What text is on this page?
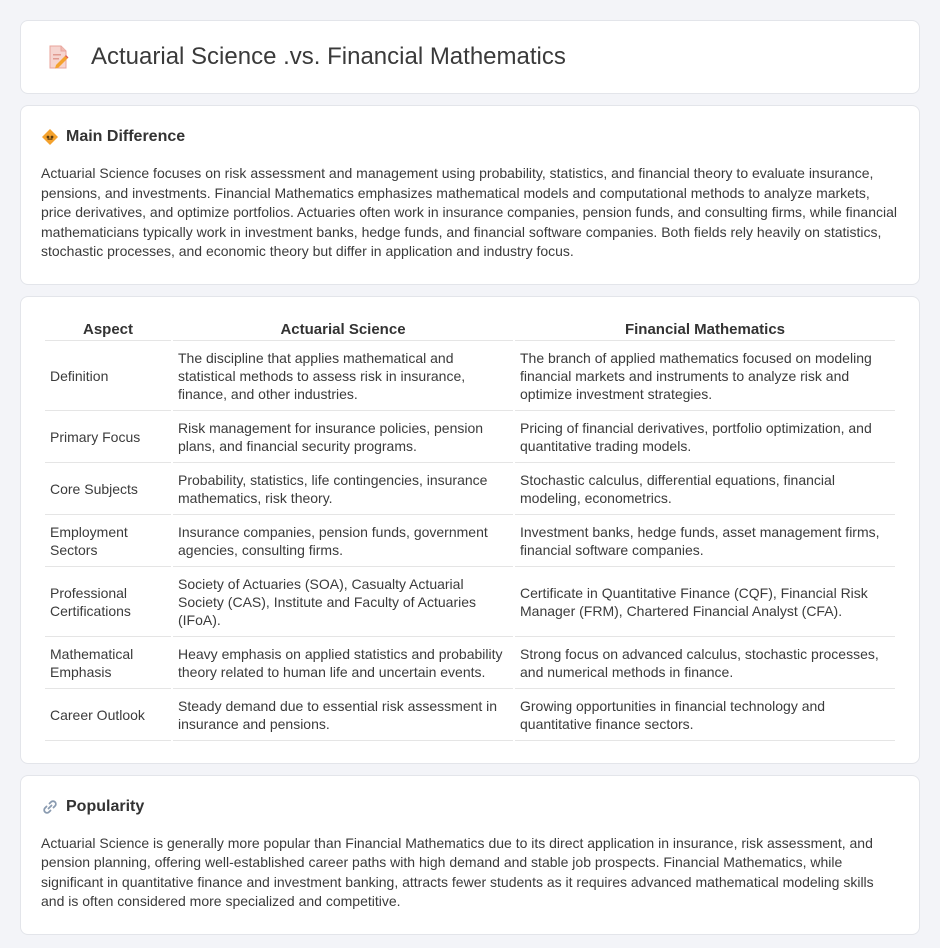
Actuarial Science .vs. Financial Mathematics
Main Difference

Actuarial Science focuses on risk assessment and management using probability, statistics, and financial theory to evaluate insurance, pensions, and investments. Financial Mathematics emphasizes mathematical models and computational methods to analyze markets, price derivatives, and optimize portfolios. Actuaries often work in insurance companies, pension funds, and consulting firms, while financial mathematicians typically work in investment banks, hedge funds, and financial software companies. Both fields rely heavily on statistics, stochastic processes, and economic theory but differ in application and industry focus.

Aspect	Actuarial Science	Financial Mathematics
Definition	The discipline that applies mathematical and statistical methods to assess risk in insurance, finance, and other industries.	The branch of applied mathematics focused on modeling financial markets and instruments to analyze risk and optimize investment strategies.
Primary Focus	Risk management for insurance policies, pension plans, and financial security programs.	Pricing of financial derivatives, portfolio optimization, and quantitative trading models.
Core Subjects	Probability, statistics, life contingencies, insurance mathematics, risk theory.	Stochastic calculus, differential equations, financial modeling, econometrics.
Employment Sectors	Insurance companies, pension funds, government agencies, consulting firms.	Investment banks, hedge funds, asset management firms, financial software companies.
Professional Certifications	Society of Actuaries (SOA), Casualty Actuarial Society (CAS), Institute and Faculty of Actuaries (IFoA).	Certificate in Quantitative Finance (CQF), Financial Risk Manager (FRM), Chartered Financial Analyst (CFA).
Mathematical Emphasis	Heavy emphasis on applied statistics and probability theory related to human life and uncertain events.	Strong focus on advanced calculus, stochastic processes, and numerical methods in finance.
Career Outlook	Steady demand due to essential risk assessment in insurance and pensions.	Growing opportunities in financial technology and quantitative finance sectors.
Popularity

Actuarial Science is generally more popular than Financial Mathematics due to its direct application in insurance, risk assessment, and pension planning, offering well-established career paths with high demand and stable job prospects. Financial Mathematics, while significant in quantitative finance and investment banking, attracts fewer students as it requires advanced mathematical modeling skills and is often considered more specialized and competitive.
